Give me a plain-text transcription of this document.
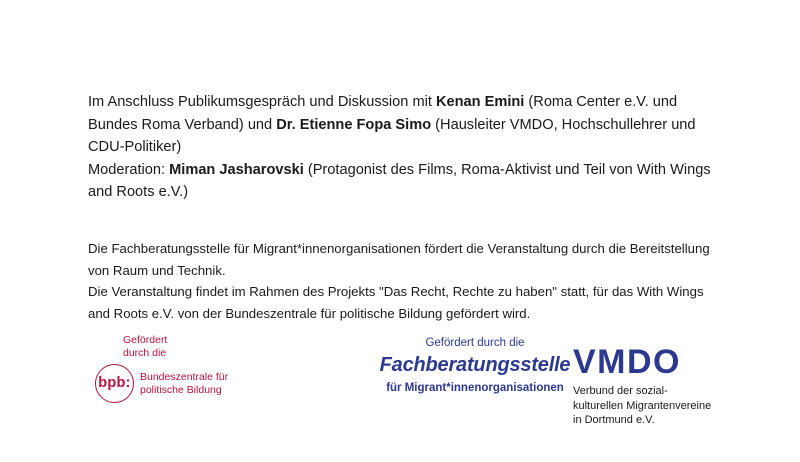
Im Anschluss Publikumsgespräch und Diskussion mit Kenan Emini (Roma Center e.V. und Bundes Roma Verband) und Dr. Etienne Fopa Simo (Hausleiter VMDO, Hochschullehrer und CDU-Politiker)
Moderation: Miman Jasharovski (Protagonist des Films, Roma-Aktivist und Teil von With Wings and Roots e.V.)
Die Fachberatungsstelle für Migrant*innenorganisationen fördert die Veranstaltung durch die Bereitstellung von Raum und Technik.
Die Veranstaltung findet im Rahmen des Projekts "Das Recht, Rechte zu haben" statt, für das With Wings and Roots e.V. von der Bundeszentrale für politische Bildung gefördert wird.
Gefördert
durch die
bpb: Bundeszentrale für
politische Bildung
Gefördert durch die
Fachberatungsstelle
für Migrant*innenorganisationen
VMDO
Verbund der sozial-
kulturellen Migrantenvereine
in Dortmund e.V.
